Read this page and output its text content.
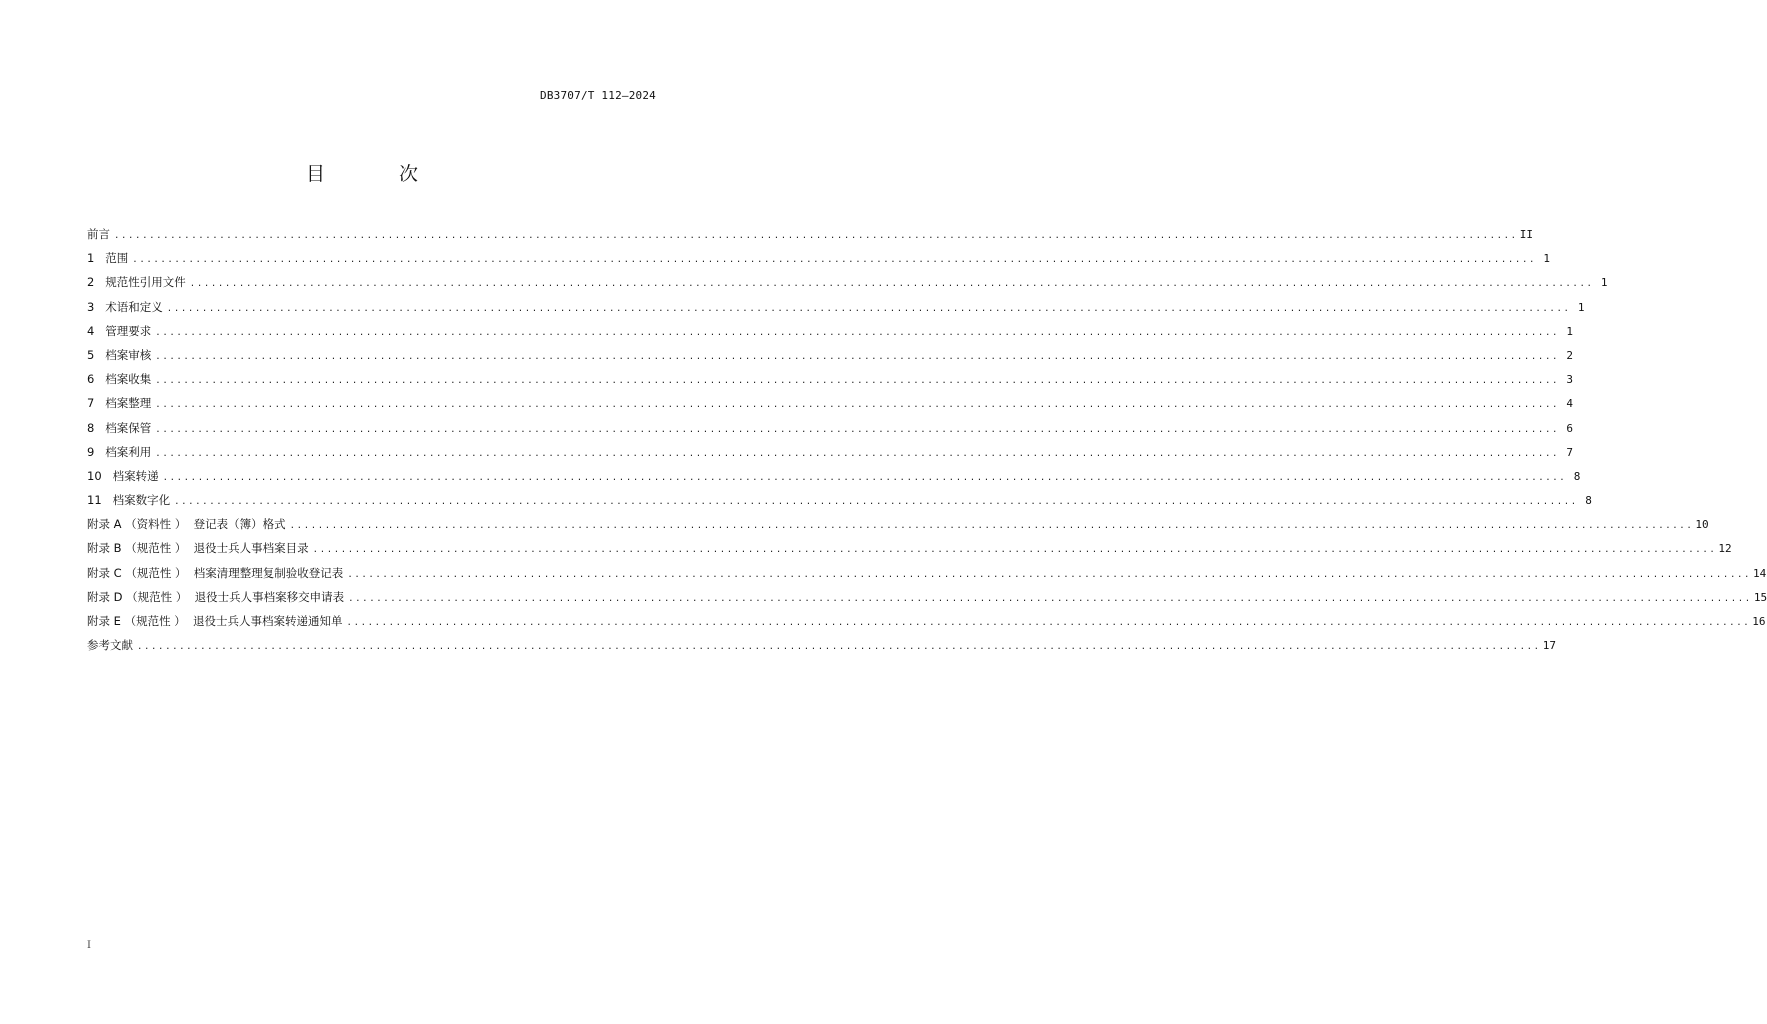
DB3707/T 112—2024
目 次
前言 ........................................................................................................................................................................................................ II
1   范围 ........................................................................................................................................................................................................ 1
2   规范性引用文件 ........................................................................................................................................................................................................ 1
3   术语和定义 ........................................................................................................................................................................................................ 1
4   管理要求 ........................................................................................................................................................................................................ 1
5   档案审核 ........................................................................................................................................................................................................ 2
6   档案收集 ........................................................................................................................................................................................................ 3
7   档案整理 ........................................................................................................................................................................................................ 4
8   档案保管 ........................................................................................................................................................................................................ 6
9   档案利用 ........................................................................................................................................................................................................ 7
10   档案转递 ........................................................................................................................................................................................................ 8
11   档案数字化 ........................................................................................................................................................................................................ 8
附录 A （资料性 ）  登记表（簿）格式 ........................................................................................................................................................................................................ 10
附录 B （规范性 ）  退役士兵人事档案目录 ........................................................................................................................................................................................................ 12
附录 C （规范性 ）  档案清理整理复制验收登记表 ........................................................................................................................................................................................................ 14
附录 D （规范性 ）  退役士兵人事档案移交申请表 ........................................................................................................................................................................................................ 15
附录 E （规范性 ）  退役士兵人事档案转递通知单 ........................................................................................................................................................................................................ 16
参考文献 ........................................................................................................................................................................................................ 17
I
